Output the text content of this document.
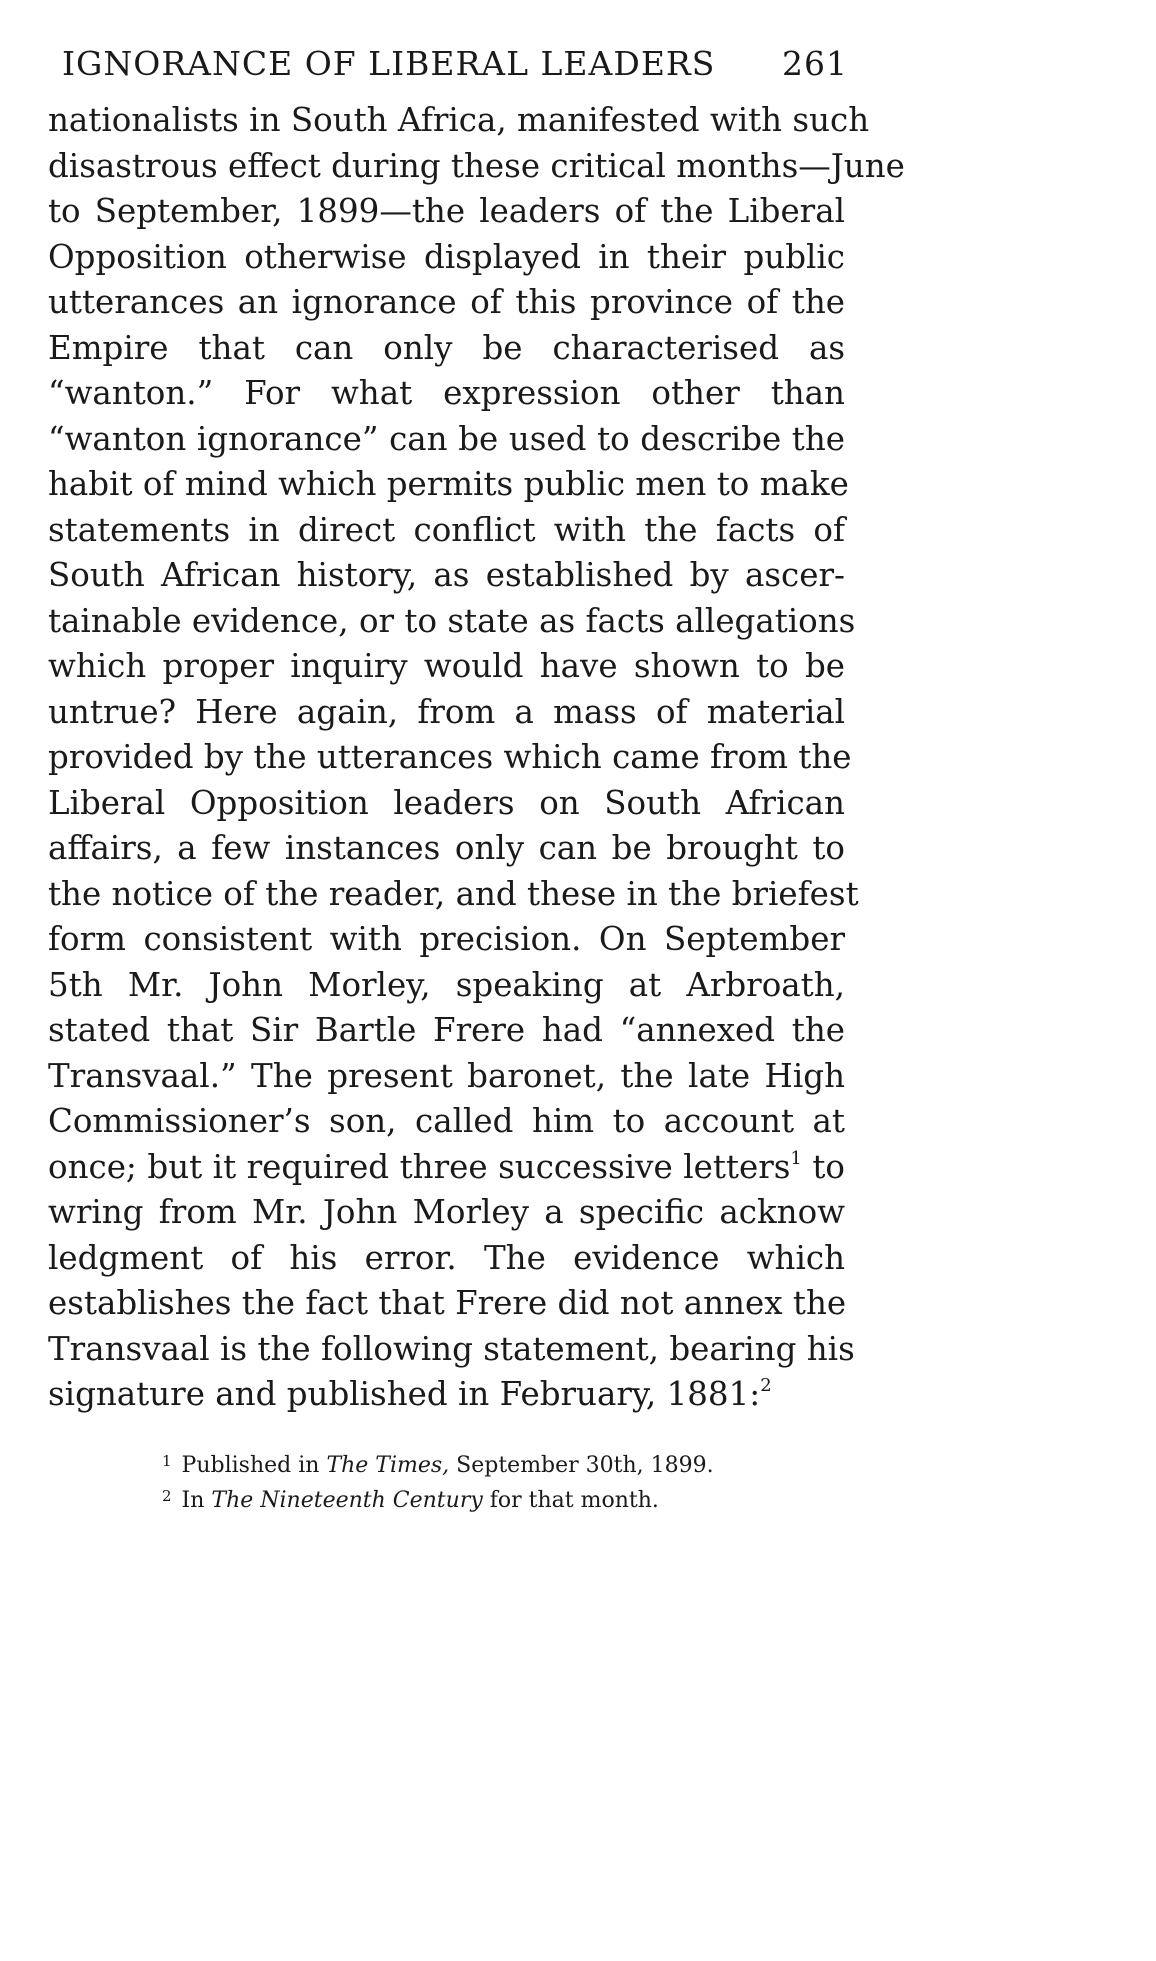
IGNORANCE OF LIBERAL LEADERS 261
nationalists in South Africa, manifested with such
disastrous effect during these critical months—June
to September, 1899—the leaders of the Liberal
Opposition otherwise displayed in their public
utterances an ignorance of this province of the
Empire that can only be characterised as
“wanton.” For what expression other than
“wanton ignorance” can be used to describe the
habit of mind which permits public men to make
statements in direct conflict with the facts of
South African history, as established by ascer-
tainable evidence, or to state as facts allegations
which proper inquiry would have shown to be
untrue? Here again, from a mass of material
provided by the utterances which came from the
Liberal Opposition leaders on South African
affairs, a few instances only can be brought to
the notice of the reader, and these in the briefest
form consistent with precision. On September
5th Mr. John Morley, speaking at Arbroath,
stated that Sir Bartle Frere had “annexed the
Transvaal.” The present baronet, the late High
Commissioner’s son, called him to account at
once; but it required three successive letters$^1$ to
wring from Mr. John Morley a specific acknow
ledgment of his error. The evidence which
establishes the fact that Frere did not annex the
Transvaal is the following statement, bearing his
signature and published in February, 1881:$^2$
$^1$ Published in The Times, September 30th, 1899.
$^2$ In The Nineteenth Century for that month.
